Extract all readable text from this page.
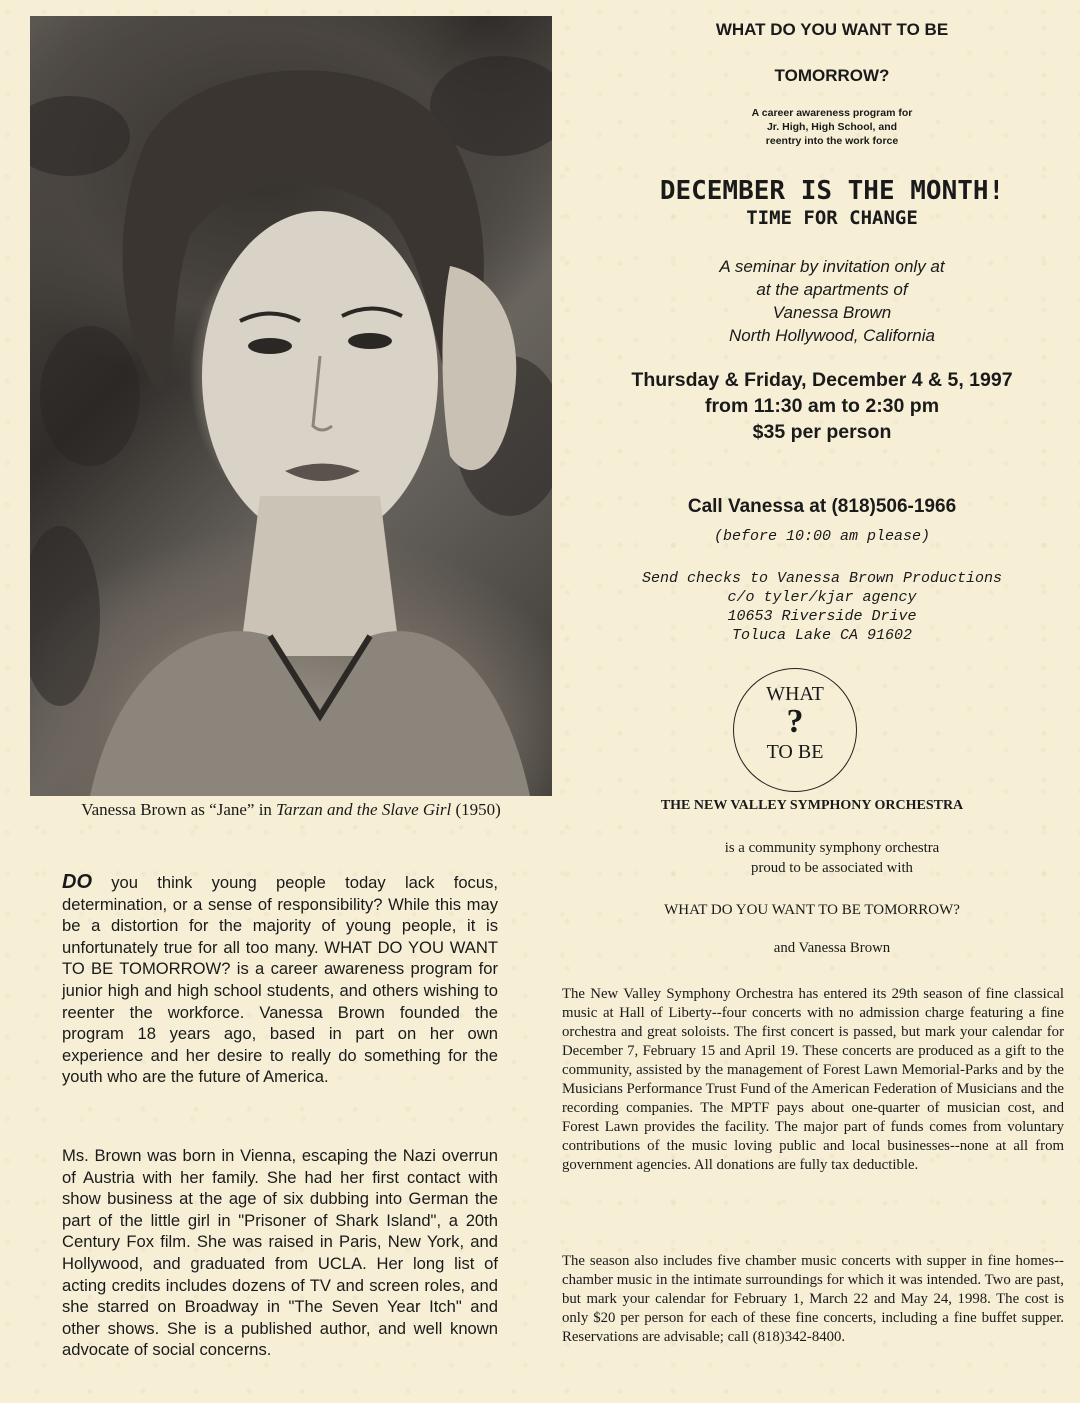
Vanessa Brown as “Jane” in Tarzan and the Slave Girl (1950)
DO you think young people today lack focus, determination, or a sense of responsibility? While this may be a distortion for the majority of young people, it is unfortunately true for all too many. WHAT DO YOU WANT TO BE TOMORROW? is a career awareness program for junior high and high school students, and others wishing to reenter the workforce. Vanessa Brown founded the program 18 years ago, based in part on her own experience and her desire to really do something for the youth who are the future of America.
Ms. Brown was born in Vienna, escaping the Nazi overrun of Austria with her family. She had her first contact with show business at the age of six dubbing into German the part of the little girl in "Prisoner of Shark Island", a 20th Century Fox film. She was raised in Paris, New York, and Hollywood, and graduated from UCLA. Her long list of acting credits includes dozens of TV and screen roles, and she starred on Broadway in "The Seven Year Itch" and other shows. She is a published author, and well known advocate of social concerns.
WHAT DO YOU WANT TO BE
TOMORROW?
A career awareness program for
Jr. High, High School, and
reentry into the work force
DECEMBER IS THE MONTH!
TIME FOR CHANGE
A seminar by invitation only at
at the apartments of
Vanessa Brown
North Hollywood, California
Thursday & Friday, December 4 & 5, 1997
from 11:30 am to 2:30 pm
$35 per person
Call Vanessa at (818)506-1966
(before 10:00 am please)
Send checks to Vanessa Brown Productions
c/o tyler/kjar agency
10653 Riverside Drive
Toluca Lake CA 91602
WHAT
?
TO BE
THE NEW VALLEY SYMPHONY ORCHESTRA
is a community symphony orchestra
proud to be associated with
WHAT DO YOU WANT TO BE TOMORROW?
and Vanessa Brown
The New Valley Symphony Orchestra has entered its 29th season of fine classical music at Hall of Liberty--four concerts with no admission charge featuring a fine orchestra and great soloists. The first concert is passed, but mark your calendar for December 7, February 15 and April 19. These concerts are produced as a gift to the community, assisted by the management of Forest Lawn Memorial-Parks and by the Musicians Performance Trust Fund of the American Federation of Musicians and the recording companies. The MPTF pays about one-quarter of musician cost, and Forest Lawn provides the facility. The major part of funds comes from voluntary contributions of the music loving public and local businesses--none at all from government agencies. All donations are fully tax deductible.
The season also includes five chamber music concerts with supper in fine homes--chamber music in the intimate surroundings for which it was intended. Two are past, but mark your calendar for February 1, March 22 and May 24, 1998. The cost is only $20 per person for each of these fine concerts, including a fine buffet supper. Reservations are advisable; call (818)342-8400.
